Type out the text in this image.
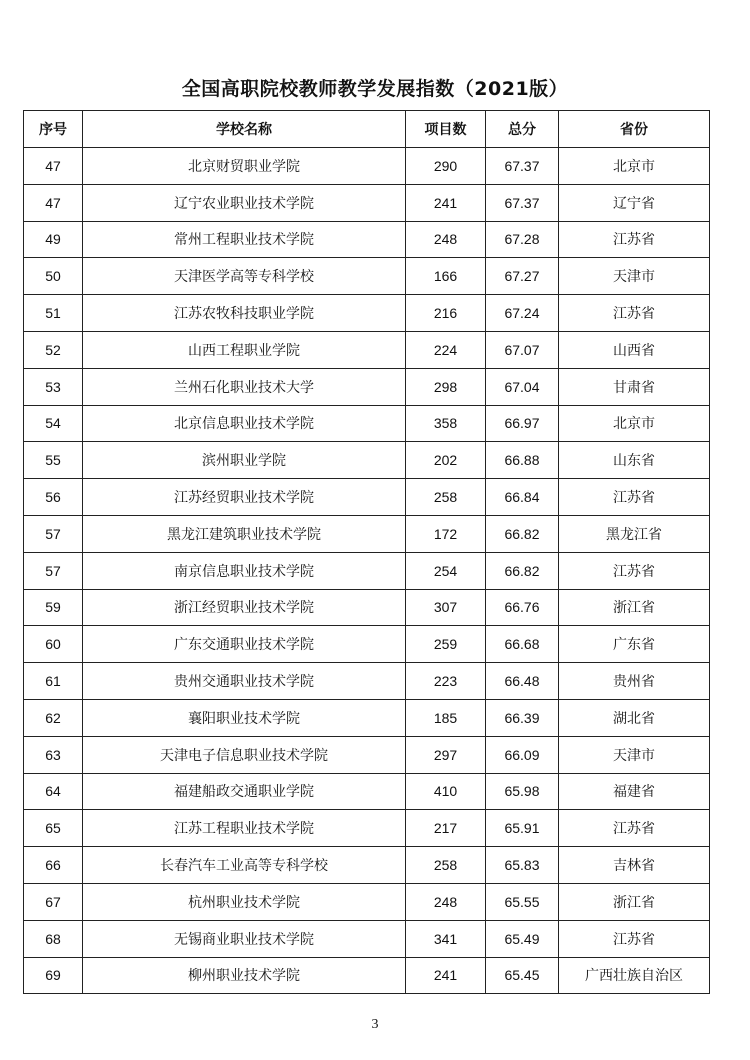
全国高职院校教师教学发展指数（2021版）
序号	学校名称	项目数	总分	省份
47	北京财贸职业学院	290	67.37	北京市
47	辽宁农业职业技术学院	241	67.37	辽宁省
49	常州工程职业技术学院	248	67.28	江苏省
50	天津医学高等专科学校	166	67.27	天津市
51	江苏农牧科技职业学院	216	67.24	江苏省
52	山西工程职业学院	224	67.07	山西省
53	兰州石化职业技术大学	298	67.04	甘肃省
54	北京信息职业技术学院	358	66.97	北京市
55	滨州职业学院	202	66.88	山东省
56	江苏经贸职业技术学院	258	66.84	江苏省
57	黑龙江建筑职业技术学院	172	66.82	黑龙江省
57	南京信息职业技术学院	254	66.82	江苏省
59	浙江经贸职业技术学院	307	66.76	浙江省
60	广东交通职业技术学院	259	66.68	广东省
61	贵州交通职业技术学院	223	66.48	贵州省
62	襄阳职业技术学院	185	66.39	湖北省
63	天津电子信息职业技术学院	297	66.09	天津市
64	福建船政交通职业学院	410	65.98	福建省
65	江苏工程职业技术学院	217	65.91	江苏省
66	长春汽车工业高等专科学校	258	65.83	吉林省
67	杭州职业技术学院	248	65.55	浙江省
68	无锡商业职业技术学院	341	65.49	江苏省
69	柳州职业技术学院	241	65.45	广西壮族自治区
3
